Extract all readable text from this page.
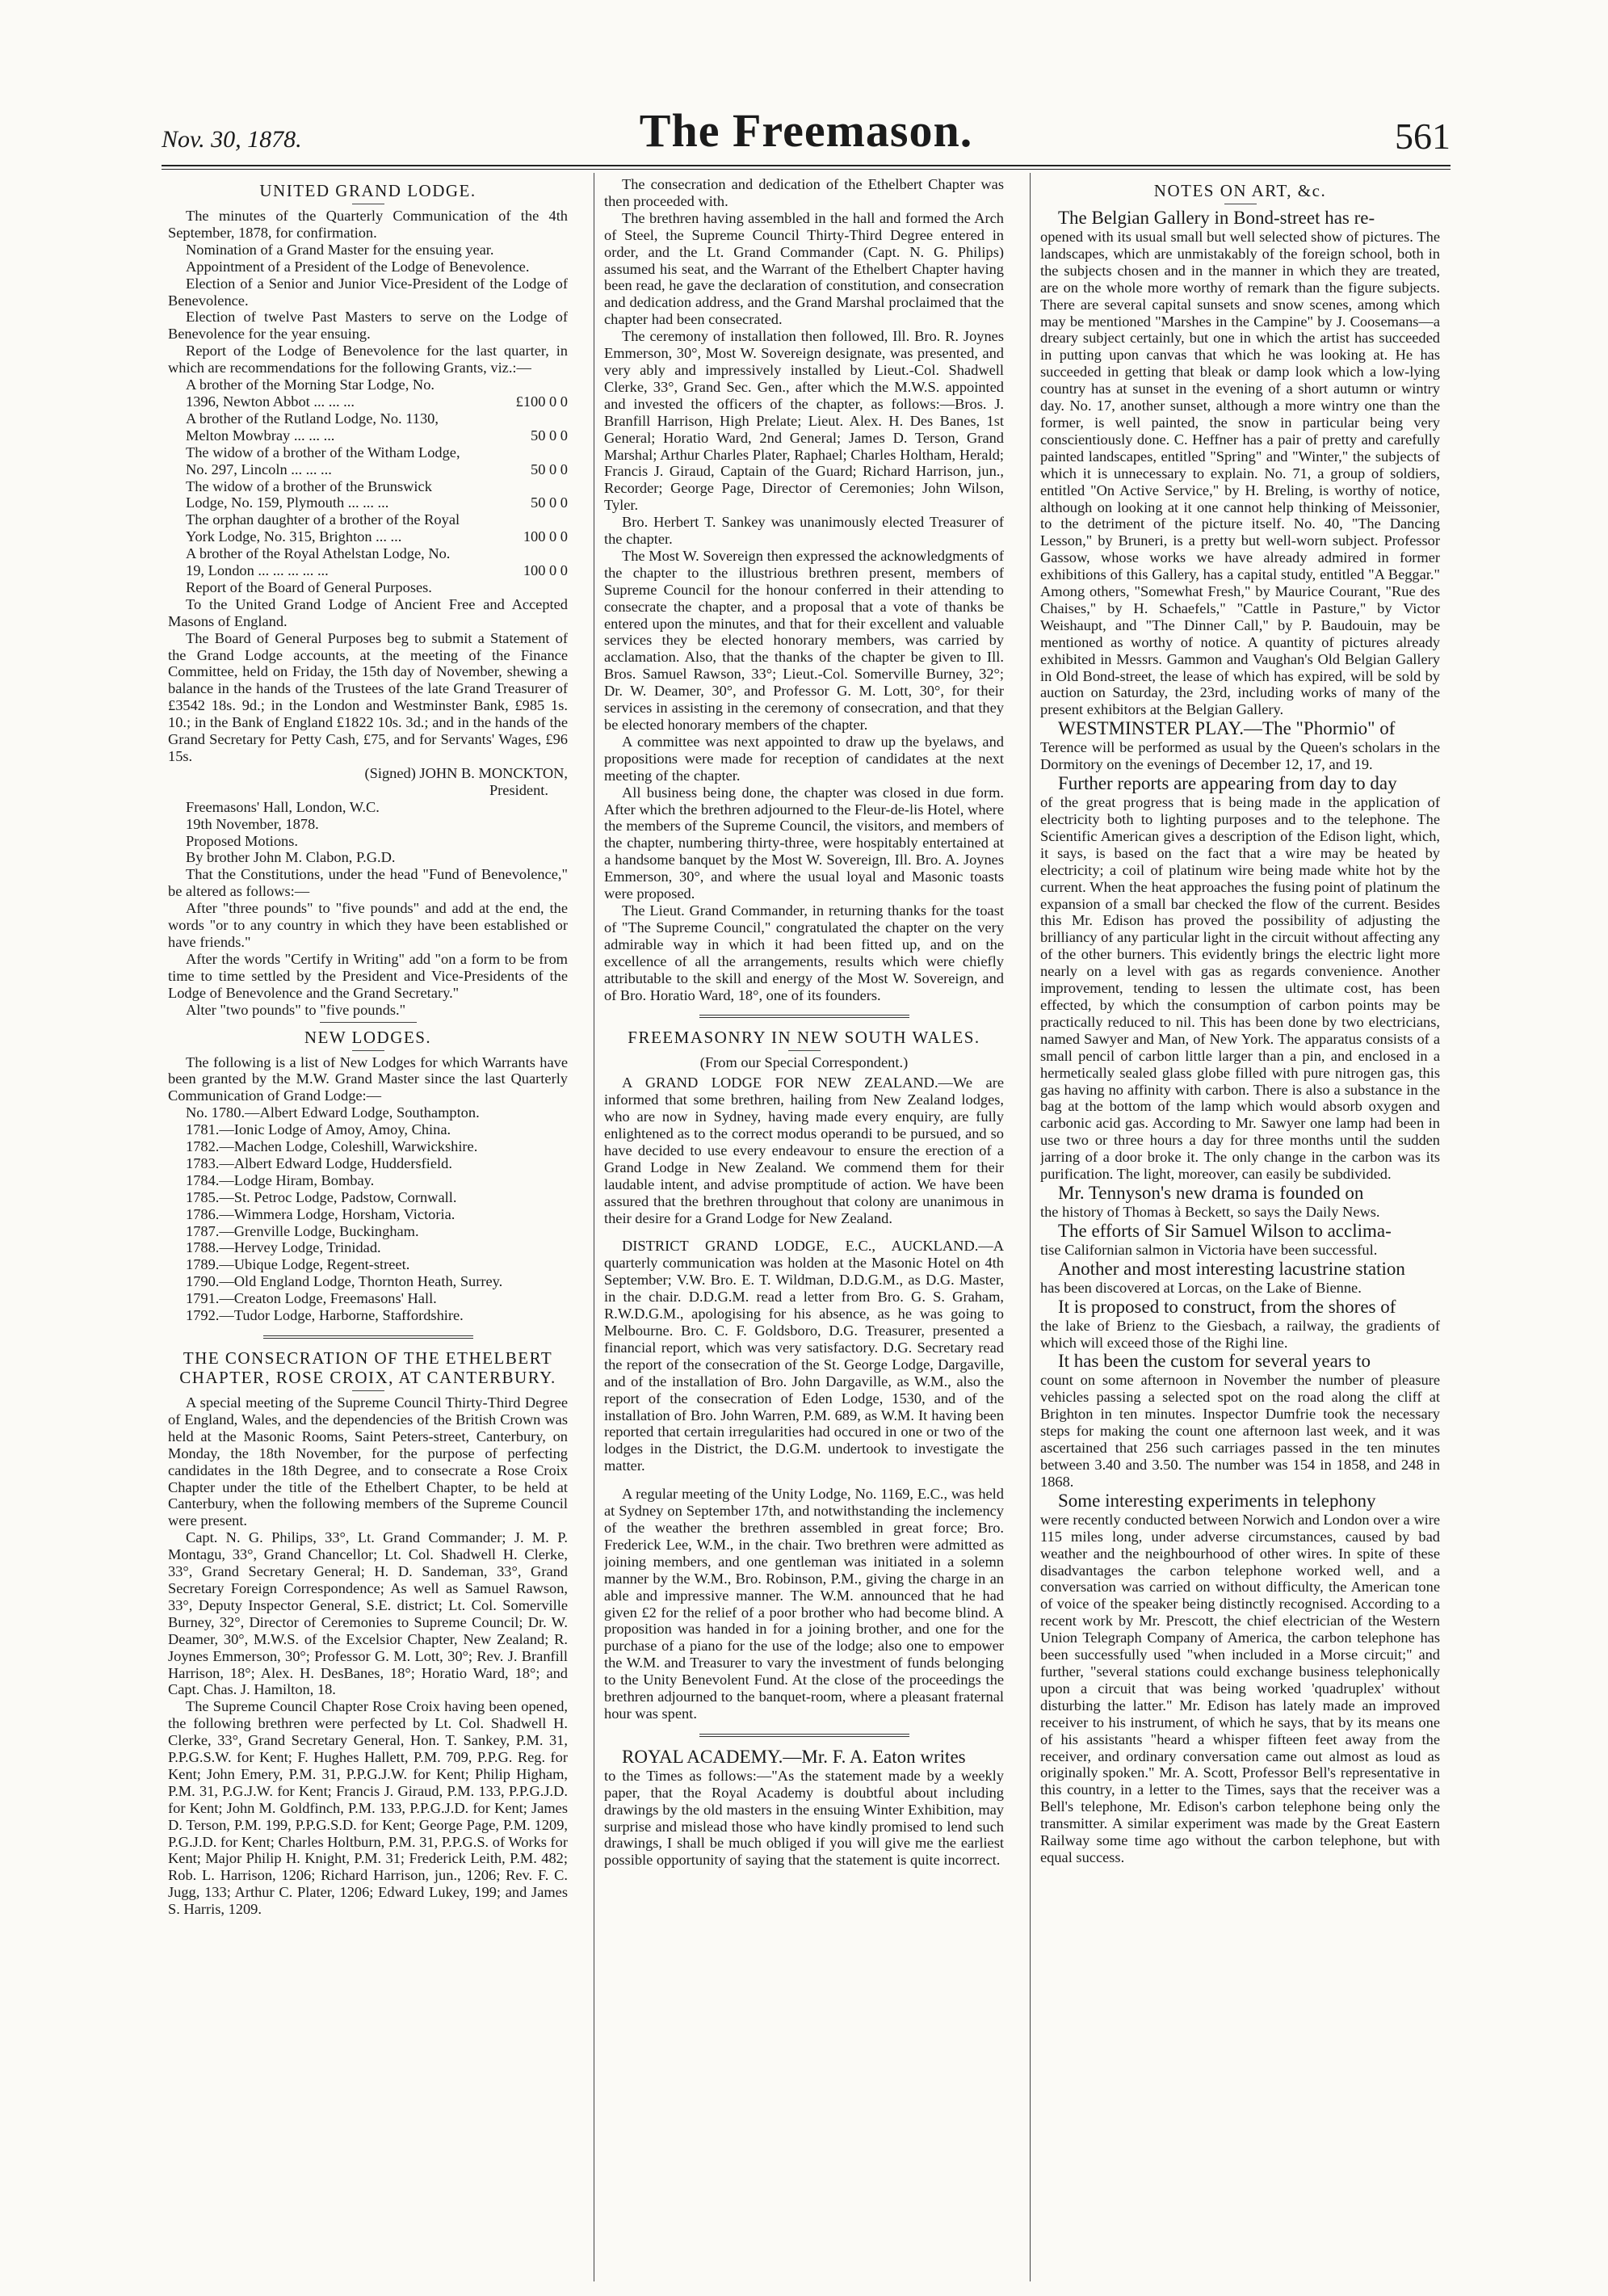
Nov. 30, 1878.	The Freemason.	561
UNITED GRAND LODGE.

The minutes of the Quarterly Communication of the 4th September, 1878, for confirmation.

Nomination of a Grand Master for the ensuing year.

Appointment of a President of the Lodge of Benevolence.

Election of a Senior and Junior Vice-President of the Lodge of Benevolence.

Election of twelve Past Masters to serve on the Lodge of Benevolence for the year ensuing.

Report of the Lodge of Benevolence for the last quarter, in which are recommendations for the following Grants, viz.:—

A brother of the Morning Star Lodge, No.

1396, Newton Abbot ... ... ...	£100 0 0

A brother of the Rutland Lodge, No. 1130,

Melton Mowbray ... ... ...	50 0 0

The widow of a brother of the Witham Lodge,

No. 297, Lincoln ... ... ...	50 0 0

The widow of a brother of the Brunswick

Lodge, No. 159, Plymouth ... ... ...	50 0 0

The orphan daughter of a brother of the Royal

York Lodge, No. 315, Brighton ... ...	100 0 0

A brother of the Royal Athelstan Lodge, No.

19, London ... ... ... ... ...	100 0 0

Report of the Board of General Purposes.

To the United Grand Lodge of Ancient Free and Accepted Masons of England.

The Board of General Purposes beg to submit a Statement of the Grand Lodge accounts, at the meeting of the Finance Committee, held on Friday, the 15th day of November, shewing a balance in the hands of the Trustees of the late Grand Treasurer of £3542 18s. 9d.; in the London and Westminster Bank, £985 1s. 10.; in the Bank of England £1822 10s. 3d.; and in the hands of the Grand Secretary for Petty Cash, £75, and for Servants' Wages, £96 15s.

(Signed) JOHN B. MONCKTON,

President.

Freemasons' Hall, London, W.C.

19th November, 1878.

Proposed Motions.

By brother John M. Clabon, P.G.D.

That the Constitutions, under the head "Fund of Benevolence," be altered as follows:—

After "three pounds" to "five pounds" and add at the end, the words "or to any country in which they have been established or have friends."

After the words "Certify in Writing" add "on a form to be from time to time settled by the President and Vice-Presidents of the Lodge of Benevolence and the Grand Secretary."

Alter "two pounds" to "five pounds."

NEW LODGES.

The following is a list of New Lodges for which Warrants have been granted by the M.W. Grand Master since the last Quarterly Communication of Grand Lodge:—

No. 1780.—Albert Edward Lodge, Southampton.

1781.—Ionic Lodge of Amoy, Amoy, China.

1782.—Machen Lodge, Coleshill, Warwickshire.

1783.—Albert Edward Lodge, Huddersfield.

1784.—Lodge Hiram, Bombay.

1785.—St. Petroc Lodge, Padstow, Cornwall.

1786.—Wimmera Lodge, Horsham, Victoria.

1787.—Grenville Lodge, Buckingham.

1788.—Hervey Lodge, Trinidad.

1789.—Ubique Lodge, Regent-street.

1790.—Old England Lodge, Thornton Heath, Surrey.

1791.—Creaton Lodge, Freemasons' Hall.

1792.—Tudor Lodge, Harborne, Staffordshire.

THE CONSECRATION OF THE ETHELBERT CHAPTER, ROSE CROIX, AT CANTERBURY.

A special meeting of the Supreme Council Thirty-Third Degree of England, Wales, and the dependencies of the British Crown was held at the Masonic Rooms, Saint Peters-street, Canterbury, on Monday, the 18th November, for the purpose of perfecting candidates in the 18th Degree, and to consecrate a Rose Croix Chapter under the title of the Ethelbert Chapter, to be held at Canterbury, when the following members of the Supreme Council were present.

Capt. N. G. Philips, 33°, Lt. Grand Commander; J. M. P. Montagu, 33°, Grand Chancellor; Lt. Col. Shadwell H. Clerke, 33°, Grand Secretary General; H. D. Sandeman, 33°, Grand Secretary Foreign Correspondence; As well as Samuel Rawson, 33°, Deputy Inspector General, S.E. district; Lt. Col. Somerville Burney, 32°, Director of Ceremonies to Supreme Council; Dr. W. Deamer, 30°, M.W.S. of the Excelsior Chapter, New Zealand; R. Joynes Emmerson, 30°; Professor G. M. Lott, 30°; Rev. J. Branfill Harrison, 18°; Alex. H. DesBanes, 18°; Horatio Ward, 18°; and Capt. Chas. J. Hamilton, 18.

The Supreme Council Chapter Rose Croix having been opened, the following brethren were perfected by Lt. Col. Shadwell H. Clerke, 33°, Grand Secretary General, Hon. T. Sankey, P.M. 31, P.P.G.S.W. for Kent; F. Hughes Hallett, P.M. 709, P.P.G. Reg. for Kent; John Emery, P.M. 31, P.P.G.J.W. for Kent; Philip Higham, P.M. 31, P.G.J.W. for Kent; Francis J. Giraud, P.M. 133, P.P.G.J.D. for Kent; John M. Goldfinch, P.M. 133, P.P.G.J.D. for Kent; James D. Terson, P.M. 199, P.P.G.S.D. for Kent; George Page, P.M. 1209, P.G.J.D. for Kent; Charles Holtburn, P.M. 31, P.P.G.S. of Works for Kent; Major Philip H. Knight, P.M. 31; Frederick Leith, P.M. 482; Rob. L. Harrison, 1206; Richard Harrison, jun., 1206; Rev. F. C. Jugg, 133; Arthur C. Plater, 1206; Edward Lukey, 199; and James S. Harris, 1209.

The consecration and dedication of the Ethelbert Chapter was then proceeded with.

The brethren having assembled in the hall and formed the Arch of Steel, the Supreme Council Thirty-Third Degree entered in order, and the Lt. Grand Commander (Capt. N. G. Philips) assumed his seat, and the Warrant of the Ethelbert Chapter having been read, he gave the declaration of constitution, and consecration and dedication address, and the Grand Marshal proclaimed that the chapter had been consecrated.

The ceremony of installation then followed, Ill. Bro. R. Joynes Emmerson, 30°, Most W. Sovereign designate, was presented, and very ably and impressively installed by Lieut.-Col. Shadwell Clerke, 33°, Grand Sec. Gen., after which the M.W.S. appointed and invested the officers of the chapter, as follows:—Bros. J. Branfill Harrison, High Prelate; Lieut. Alex. H. Des Banes, 1st General; Horatio Ward, 2nd General; James D. Terson, Grand Marshal; Arthur Charles Plater, Raphael; Charles Holtham, Herald; Francis J. Giraud, Captain of the Guard; Richard Harrison, jun., Recorder; George Page, Director of Ceremonies; John Wilson, Tyler.

Bro. Herbert T. Sankey was unanimously elected Treasurer of the chapter.

The Most W. Sovereign then expressed the acknowledgments of the chapter to the illustrious brethren present, members of Supreme Council for the honour conferred in their attending to consecrate the chapter, and a proposal that a vote of thanks be entered upon the minutes, and that for their excellent and valuable services they be elected honorary members, was carried by acclamation. Also, that the thanks of the chapter be given to Ill. Bros. Samuel Rawson, 33°; Lieut.-Col. Somerville Burney, 32°; Dr. W. Deamer, 30°, and Professor G. M. Lott, 30°, for their services in assisting in the ceremony of consecration, and that they be elected honorary members of the chapter.

A committee was next appointed to draw up the byelaws, and propositions were made for reception of candidates at the next meeting of the chapter.

All business being done, the chapter was closed in due form. After which the brethren adjourned to the Fleur-de-lis Hotel, where the members of the Supreme Council, the visitors, and members of the chapter, numbering thirty-three, were hospitably entertained at a handsome banquet by the Most W. Sovereign, Ill. Bro. A. Joynes Emmerson, 30°, and where the usual loyal and Masonic toasts were proposed.

The Lieut. Grand Commander, in returning thanks for the toast of "The Supreme Council," congratulated the chapter on the very admirable way in which it had been fitted up, and on the excellence of all the arrangements, results which were chiefly attributable to the skill and energy of the Most W. Sovereign, and of Bro. Horatio Ward, 18°, one of its founders.

FREEMASONRY IN NEW SOUTH WALES.

(From our Special Correspondent.)

A GRAND LODGE FOR NEW ZEALAND.—We are informed that some brethren, hailing from New Zealand lodges, who are now in Sydney, having made every enquiry, are fully enlightened as to the correct modus operandi to be pursued, and so have decided to use every endeavour to ensure the erection of a Grand Lodge in New Zealand. We commend them for their laudable intent, and advise promptitude of action. We have been assured that the brethren throughout that colony are unanimous in their desire for a Grand Lodge for New Zealand.

DISTRICT GRAND LODGE, E.C., AUCKLAND.—A quarterly communication was holden at the Masonic Hotel on 4th September; V.W. Bro. E. T. Wildman, D.D.G.M., as D.G. Master, in the chair. D.D.G.M. read a letter from Bro. G. S. Graham, R.W.D.G.M., apologising for his absence, as he was going to Melbourne. Bro. C. F. Goldsboro, D.G. Treasurer, presented a financial report, which was very satisfactory. D.G. Secretary read the report of the consecration of the St. George Lodge, Dargaville, and of the installation of Bro. John Dargaville, as W.M., also the report of the consecration of Eden Lodge, 1530, and of the installation of Bro. John Warren, P.M. 689, as W.M. It having been reported that certain irregularities had occured in one or two of the lodges in the District, the D.G.M. undertook to investigate the matter.

A regular meeting of the Unity Lodge, No. 1169, E.C., was held at Sydney on September 17th, and notwithstanding the inclemency of the weather the brethren assembled in great force; Bro. Frederick Lee, W.M., in the chair. Two brethren were admitted as joining members, and one gentleman was initiated in a solemn manner by the W.M., Bro. Robinson, P.M., giving the charge in an able and impressive manner. The W.M. announced that he had given £2 for the relief of a poor brother who had become blind. A proposition was handed in for a joining brother, and one for the purchase of a piano for the use of the lodge; also one to empower the W.M. and Treasurer to vary the investment of funds belonging to the Unity Benevolent Fund. At the close of the proceedings the brethren adjourned to the banquet-room, where a pleasant fraternal hour was spent.

ROYAL ACADEMY.—Mr. F. A. Eaton writes

to the Times as follows:—"As the statement made by a weekly paper, that the Royal Academy is doubtful about including drawings by the old masters in the ensuing Winter Exhibition, may surprise and mislead those who have kindly promised to lend such drawings, I shall be much obliged if you will give me the earliest possible opportunity of saying that the statement is quite incorrect.

NOTES ON ART, &c.

The Belgian Gallery in Bond-street has re-

opened with its usual small but well selected show of pictures. The landscapes, which are unmistakably of the foreign school, both in the subjects chosen and in the manner in which they are treated, are on the whole more worthy of remark than the figure subjects. There are several capital sunsets and snow scenes, among which may be mentioned "Marshes in the Campine" by J. Coosemans—a dreary subject certainly, but one in which the artist has succeeded in putting upon canvas that which he was looking at. He has succeeded in getting that bleak or damp look which a low-lying country has at sunset in the evening of a short autumn or wintry day. No. 17, another sunset, although a more wintry one than the former, is well painted, the snow in particular being very conscientiously done. C. Heffner has a pair of pretty and carefully painted landscapes, entitled "Spring" and "Winter," the subjects of which it is unnecessary to explain. No. 71, a group of soldiers, entitled "On Active Service," by H. Breling, is worthy of notice, although on looking at it one cannot help thinking of Meissonier, to the detriment of the picture itself. No. 40, "The Dancing Lesson," by Bruneri, is a pretty but well-worn subject. Professor Gassow, whose works we have already admired in former exhibitions of this Gallery, has a capital study, entitled "A Beggar." Among others, "Somewhat Fresh," by Maurice Courant, "Rue des Chaises," by H. Schaefels," "Cattle in Pasture," by Victor Weishaupt, and "The Dinner Call," by P. Baudouin, may be mentioned as worthy of notice. A quantity of pictures already exhibited in Messrs. Gammon and Vaughan's Old Belgian Gallery in Old Bond-street, the lease of which has expired, will be sold by auction on Saturday, the 23rd, including works of many of the present exhibitors at the Belgian Gallery.

WESTMINSTER PLAY.—The "Phormio" of

Terence will be performed as usual by the Queen's scholars in the Dormitory on the evenings of December 12, 17, and 19.

Further reports are appearing from day to day

of the great progress that is being made in the application of electricity both to lighting purposes and to the telephone. The Scientific American gives a description of the Edison light, which, it says, is based on the fact that a wire may be heated by electricity; a coil of platinum wire being made white hot by the current. When the heat approaches the fusing point of platinum the expansion of a small bar checked the flow of the current. Besides this Mr. Edison has proved the possibility of adjusting the brilliancy of any particular light in the circuit without affecting any of the other burners. This evidently brings the electric light more nearly on a level with gas as regards convenience. Another improvement, tending to lessen the ultimate cost, has been effected, by which the consumption of carbon points may be practically reduced to nil. This has been done by two electricians, named Sawyer and Man, of New York. The apparatus consists of a small pencil of carbon little larger than a pin, and enclosed in a hermetically sealed glass globe filled with pure nitrogen gas, this gas having no affinity with carbon. There is also a substance in the bag at the bottom of the lamp which would absorb oxygen and carbonic acid gas. According to Mr. Sawyer one lamp had been in use two or three hours a day for three months until the sudden jarring of a door broke it. The only change in the carbon was its purification. The light, moreover, can easily be subdivided.

Mr. Tennyson's new drama is founded on

the history of Thomas à Beckett, so says the Daily News.

The efforts of Sir Samuel Wilson to acclima-

tise Californian salmon in Victoria have been successful.

Another and most interesting lacustrine station

has been discovered at Lorcas, on the Lake of Bienne.

It is proposed to construct, from the shores of

the lake of Brienz to the Giesbach, a railway, the gradients of which will exceed those of the Righi line.

It has been the custom for several years to

count on some afternoon in November the number of pleasure vehicles passing a selected spot on the road along the cliff at Brighton in ten minutes. Inspector Dumfrie took the necessary steps for making the count one afternoon last week, and it was ascertained that 256 such carriages passed in the ten minutes between 3.40 and 3.50. The number was 154 in 1858, and 248 in 1868.

Some interesting experiments in telephony

were recently conducted between Norwich and London over a wire 115 miles long, under adverse circumstances, caused by bad weather and the neighbourhood of other wires. In spite of these disadvantages the carbon telephone worked well, and a conversation was carried on without difficulty, the American tone of voice of the speaker being distinctly recognised. According to a recent work by Mr. Prescott, the chief electrician of the Western Union Telegraph Company of America, the carbon telephone has been successfully used "when included in a Morse circuit;" and further, "several stations could exchange business telephonically upon a circuit that was being worked 'quadruplex' without disturbing the latter." Mr. Edison has lately made an improved receiver to his instrument, of which he says, that by its means one of his assistants "heard a whisper fifteen feet away from the receiver, and ordinary conversation came out almost as loud as originally spoken." Mr. A. Scott, Professor Bell's representative in this country, in a letter to the Times, says that the receiver was a Bell's telephone, Mr. Edison's carbon telephone being only the transmitter. A similar experiment was made by the Great Eastern Railway some time ago without the carbon telephone, but with equal success.
